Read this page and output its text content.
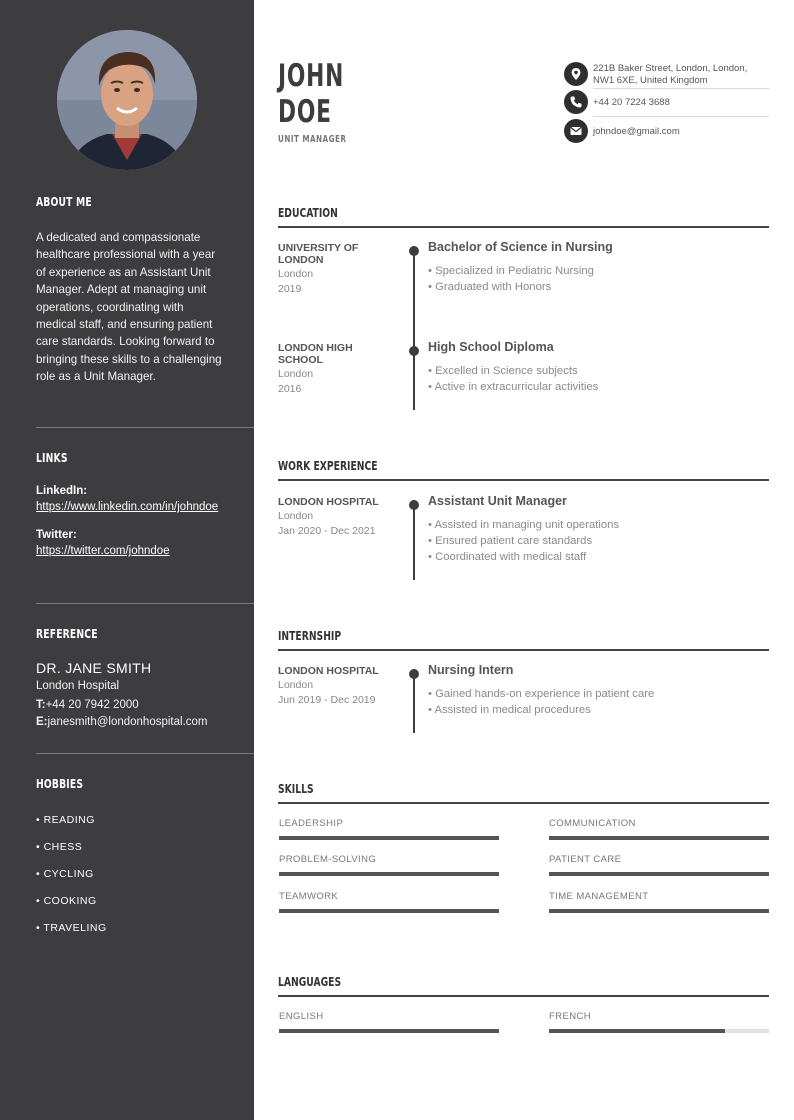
ABOUT ME
A dedicated and compassionate healthcare professional with a year of experience as an Assistant Unit Manager. Adept at managing unit operations, coordinating with medical staff, and ensuring patient care standards. Looking forward to bringing these skills to a challenging role as a Unit Manager.
LINKS
LinkedIn:
https://www.linkedin.com/in/johndoe
Twitter:
https://twitter.com/johndoe
REFERENCE
DR. JANE SMITH
London Hospital
T:+44 20 7942 2000
E:janesmith@londonhospital.com
HOBBIES
• READING
• CHESS
• CYCLING
• COOKING
• TRAVELING
JOHN
DOE
UNIT MANAGER
221B Baker Street, London, London, NW1 6XE, United Kingdom
+44 20 7224 3688
johndoe@gmail.com
EDUCATION
UNIVERSITY OF LONDON
London
2019
Bachelor of Science in Nursing
• Specialized in Pediatric Nursing
• Graduated with Honors
LONDON HIGH SCHOOL
London
2016
High School Diploma
• Excelled in Science subjects
• Active in extracurricular activities
WORK EXPERIENCE
LONDON HOSPITAL
London
Jan 2020 - Dec 2021
Assistant Unit Manager
• Assisted in managing unit operations
• Ensured patient care standards
• Coordinated with medical staff
INTERNSHIP
LONDON HOSPITAL
London
Jun 2019 - Dec 2019
Nursing Intern
• Gained hands-on experience in patient care
• Assisted in medical procedures
SKILLS
LEADERSHIP	COMMUNICATION
PROBLEM-SOLVING	PATIENT CARE
TEAMWORK	TIME MANAGEMENT
LANGUAGES
ENGLISH	FRENCH
